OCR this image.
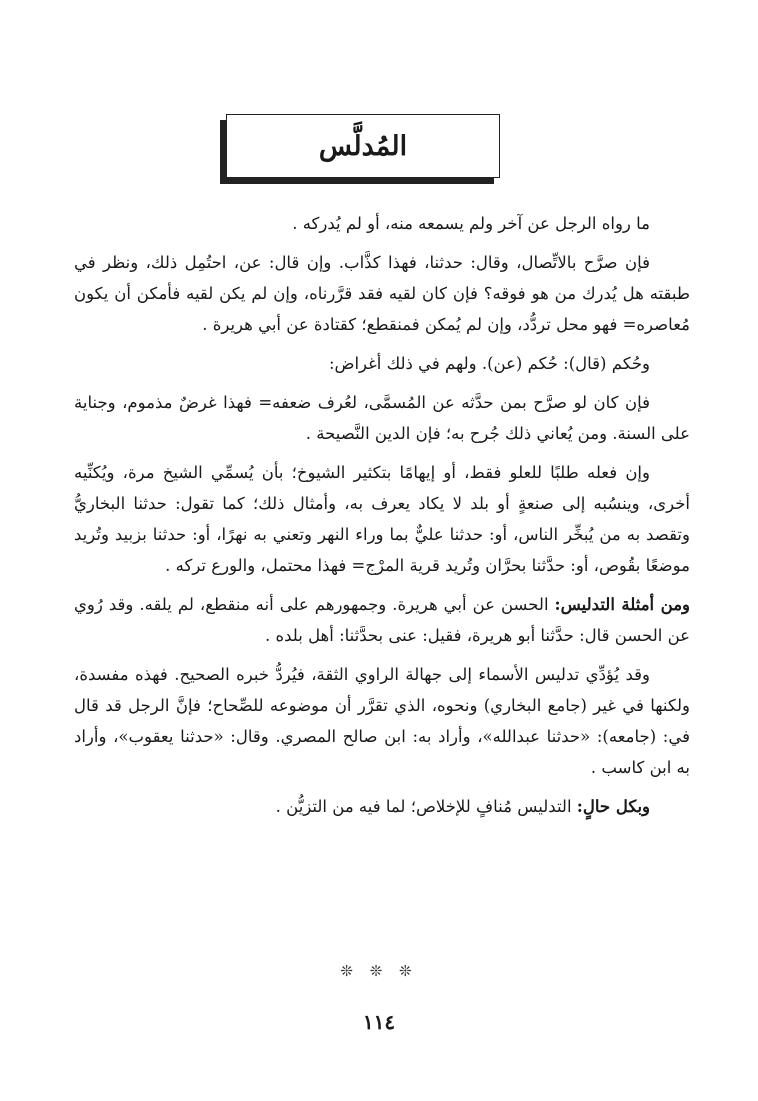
المُدلَّس

ما رواه الرجل عن آخر ولم يسمعه منه، أو لم يُدركه .

فإن صرَّح بالاتِّصال، وقال: حدثنا، فهذا كذَّاب. وإن قال: عن، احتُمِل ذلك، ونظر في طبقته هل يُدرك من هو فوقه؟ فإن كان لقيه فقد قرَّرناه، وإن لم يكن لقيه فأمكن أن يكون مُعاصره= فهو محل تردُّد، وإن لم يُمكن فمنقطع؛ كقتادة عن أبي هريرة .

وحُكم (قال): حُكم (عن). ولهم في ذلك أغراض:

فإن كان لو صرَّح بمن حدَّثه عن المُسمَّى، لعُرف ضعفه= فهذا غرضٌ مذموم، وجناية على السنة. ومن يُعاني ذلك جُرح به؛ فإن الدين النَّصيحة .

وإن فعله طلبًا للعلو فقط، أو إيهامًا بتكثير الشيوخ؛ بأن يُسمِّي الشيخ مرة، ويُكنِّيه أخرى، وينسُبه إلى صنعةٍ أو بلد لا يكاد يعرف به، وأمثال ذلك؛ كما تقول: حدثنا البخاريُّ وتقصد به من يُبخِّر الناس، أو: حدثنا عليٌّ بما وراء النهر وتعني به نهرًا، أو: حدثنا بزبيد وتُريد موضعًا بقُوص، أو: حدَّثنا بحرَّان وتُريد قرية المرْج= فهذا محتمل، والورع تركه .

ومن أمثلة التدليس: الحسن عن أبي هريرة. وجمهورهم على أنه منقطع، لم يلقه. وقد رُوي عن الحسن قال: حدَّثنا أبو هريرة، فقيل: عنى بحدَّثنا: أهل بلده .

وقد يُؤدِّي تدليس الأسماء إلى جهالة الراوي الثقة، فيُردُّ خبره الصحيح. فهذه مفسدة، ولكنها في غير (جامع البخاري) ونحوه، الذي تقرَّر أن موضوعه للصِّحاح؛ فإنَّ الرجل قد قال في: (جامعه): «حدثنا عبدالله»، وأراد به: ابن صالح المصري. وقال: «حدثنا يعقوب»، وأراد به ابن كاسب .

وبكل حالٍ: التدليس مُنافٍ للإخلاص؛ لما فيه من التزيُّن .

❊ ❊ ❊
١١٤
